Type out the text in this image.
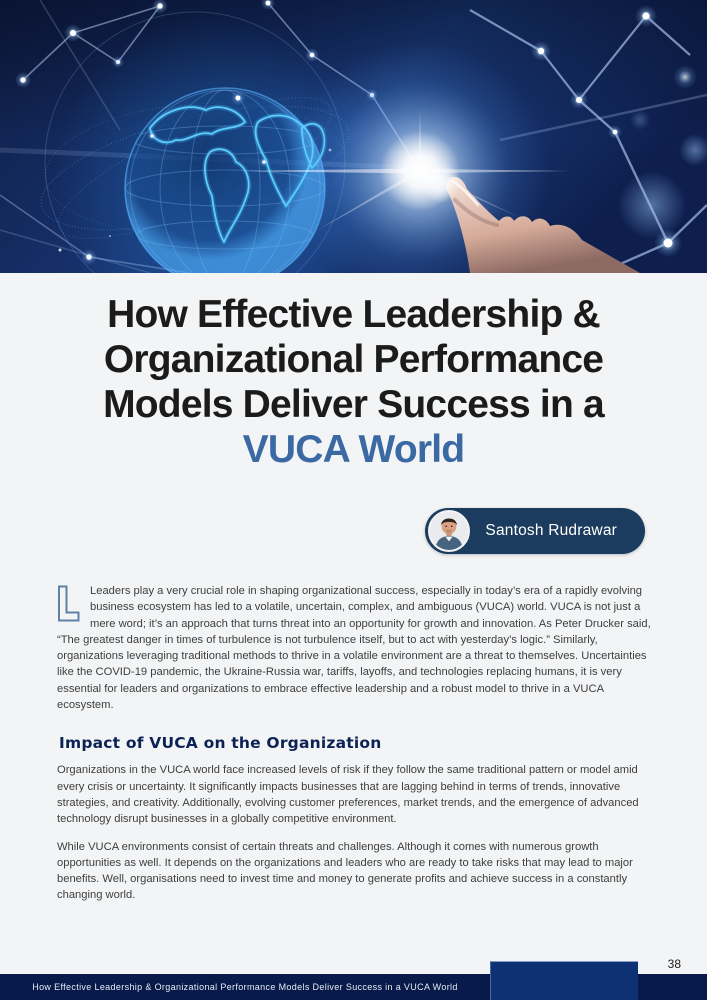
How Effective Leadership &
Organizational Performance
Models Deliver Success in a
VUCA World
Santosh Rudrawar

Leaders play a very crucial role in shaping organizational success, especially in today’s era of a rapidly evolving business ecosystem has led to a volatile, uncertain, complex, and ambiguous (VUCA) world. VUCA is not just a mere word; it’s an approach that turns threat into an opportunity for growth and innovation. As Peter Drucker said, “The greatest danger in times of turbulence is not turbulence itself, but to act with yesterday’s logic.” Similarly, organizations leveraging traditional methods to thrive in a volatile environment are a threat to themselves. Uncertainties like the COVID-19 pandemic, the Ukraine-Russia war, tariffs, layoffs, and technologies replacing humans, it is very essential for leaders and organizations to embrace effective leadership and a robust model to thrive in a VUCA ecosystem.

Impact of VUCA on the Organization

Organizations in the VUCA world face increased levels of risk if they follow the same traditional pattern or model amid every crisis or uncertainty. It significantly impacts businesses that are lagging behind in terms of trends, innovative strategies, and creativity. Additionally, evolving customer preferences, market trends, and the emergence of advanced technology disrupt businesses in a globally competitive environment.

While VUCA environments consist of certain threats and challenges. Although it comes with numerous growth opportunities as well. It depends on the organizations and leaders who are ready to take risks that may lead to major benefits. Well, organisations need to invest time and money to generate profits and achieve success in a constantly changing world.

38
How Effective Leadership & Organizational Performance Models Deliver Success in a VUCA World
